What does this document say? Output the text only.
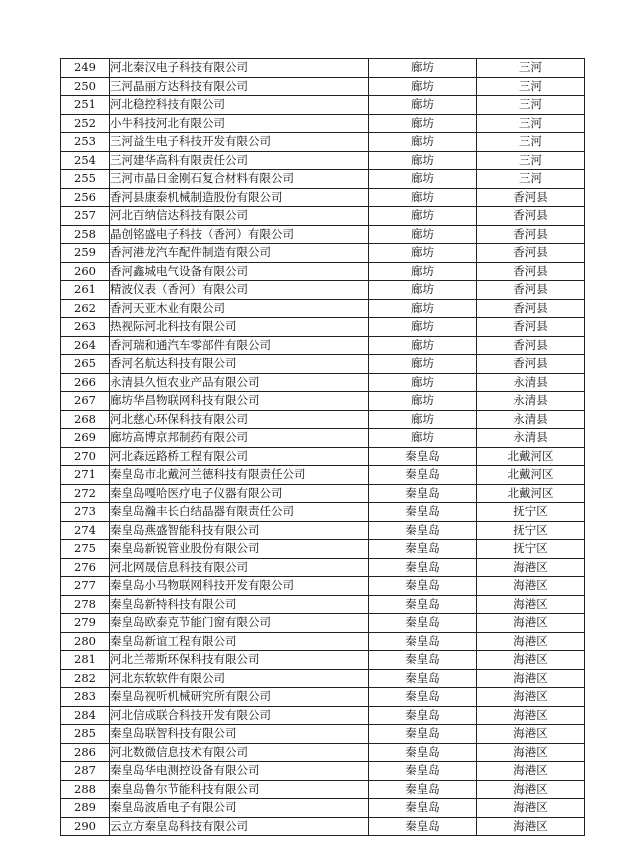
249	河北秦汉电子科技有限公司	廊坊	三河
250	三河晶丽方达科技有限公司	廊坊	三河
251	河北稳控科技有限公司	廊坊	三河
252	小牛科技河北有限公司	廊坊	三河
253	三河益生电子科技开发有限公司	廊坊	三河
254	三河建华高科有限责任公司	廊坊	三河
255	三河市晶日金刚石复合材料有限公司	廊坊	三河
256	香河县康泰机械制造股份有限公司	廊坊	香河县
257	河北百纳信达科技有限公司	廊坊	香河县
258	晶创铭盛电子科技（香河）有限公司	廊坊	香河县
259	香河港龙汽车配件制造有限公司	廊坊	香河县
260	香河鑫城电气设备有限公司	廊坊	香河县
261	精波仪表（香河）有限公司	廊坊	香河县
262	香河天亚木业有限公司	廊坊	香河县
263	热视际河北科技有限公司	廊坊	香河县
264	香河瑞和通汽车零部件有限公司	廊坊	香河县
265	香河名航达科技有限公司	廊坊	香河县
266	永清县久恒农业产品有限公司	廊坊	永清县
267	廊坊华昌物联网科技有限公司	廊坊	永清县
268	河北慈心环保科技有限公司	廊坊	永清县
269	廊坊高博京邦制药有限公司	廊坊	永清县
270	河北森远路桥工程有限公司	秦皇岛	北戴河区
271	秦皇岛市北戴河兰德科技有限责任公司	秦皇岛	北戴河区
272	秦皇岛嘎哈医疗电子仪器有限公司	秦皇岛	北戴河区
273	秦皇岛瀚丰长白结晶器有限责任公司	秦皇岛	抚宁区
274	秦皇岛燕盛智能科技有限公司	秦皇岛	抚宁区
275	秦皇岛新锐管业股份有限公司	秦皇岛	抚宁区
276	河北网晟信息科技有限公司	秦皇岛	海港区
277	秦皇岛小马物联网科技开发有限公司	秦皇岛	海港区
278	秦皇岛新特科技有限公司	秦皇岛	海港区
279	秦皇岛欧泰克节能门窗有限公司	秦皇岛	海港区
280	秦皇岛新谊工程有限公司	秦皇岛	海港区
281	河北兰蒂斯环保科技有限公司	秦皇岛	海港区
282	河北东软软件有限公司	秦皇岛	海港区
283	秦皇岛视听机械研究所有限公司	秦皇岛	海港区
284	河北信成联合科技开发有限公司	秦皇岛	海港区
285	秦皇岛联智科技有限公司	秦皇岛	海港区
286	河北数微信息技术有限公司	秦皇岛	海港区
287	秦皇岛华电测控设备有限公司	秦皇岛	海港区
288	秦皇岛鲁尔节能科技有限公司	秦皇岛	海港区
289	秦皇岛波盾电子有限公司	秦皇岛	海港区
290	云立方秦皇岛科技有限公司	秦皇岛	海港区
